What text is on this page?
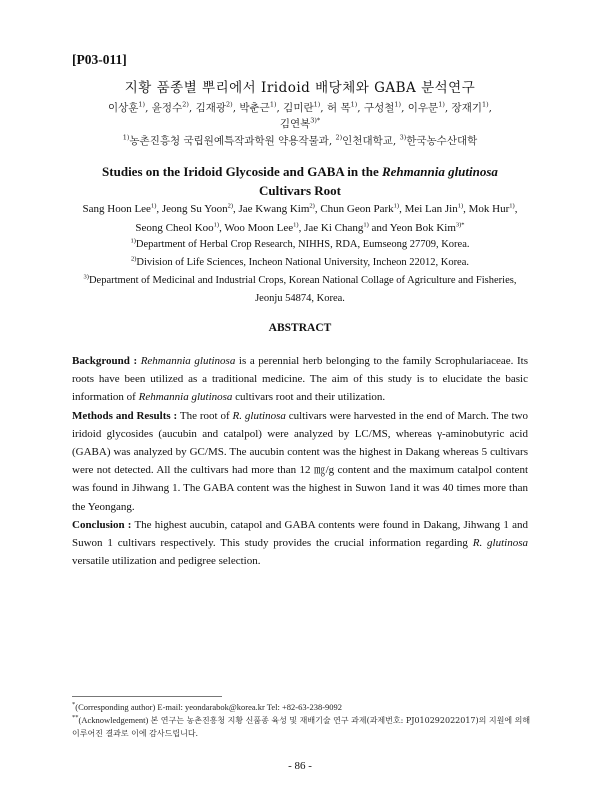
[P03-011]
지황 품종별 뿌리에서 Iridoid 배당체와 GABA 분석연구
이상훈$^{1)}$, 윤정수$^{2)}$, 김재광$^{2)}$, 박춘근$^{1)}$, 김미란$^{1)}$, 허 목$^{1)}$, 구성철$^{1)}$, 이우문$^{1)}$, 장재기$^{1)}$,
김연복$^{3)*}$
$^{1)}$농촌진흥청 국립원예특작과학원 약용작물과, $^{2)}$인천대학교, $^{3)}$한국농수산대학
Studies on the Iridoid Glycoside and GABA in the Rehmannia glutinosa
Cultivars Root
Sang Hoon Lee$^{1)}$, Jeong Su Yoon$^{2)}$, Jae Kwang Kim$^{2)}$, Chun Geon Park$^{1)}$, Mei Lan Jin$^{1)}$, Mok Hur$^{1)}$, Seong Cheol Koo$^{1)}$, Woo Moon Lee$^{1)}$, Jae Ki Chang$^{1)}$ and Yeon Bok Kim$^{3)*}$
$^{1)}$Department of Herbal Crop Research, NIHHS, RDA, Eumseong 27709, Korea.
$^{2)}$Division of Life Sciences, Incheon National University, Incheon 22012, Korea.
$^{3)}$Department of Medicinal and Industrial Crops, Korean National Collage of Agriculture and Fisheries, Jeonju 54874, Korea.
ABSTRACT

Background : Rehmannia glutinosa is a perennial herb belonging to the family Scrophulariaceae. Its roots have been utilized as a traditional medicine. The aim of this study is to elucidate the basic information of Rehmannia glutinosa cultivars root and their utilization.

Methods and Results : The root of R. glutinosa cultivars were harvested in the end of March. The two iridoid glycosides (aucubin and catalpol) were analyzed by LC/MS, whereas γ-aminobutyric acid (GABA) was analyzed by GC/MS. The aucubin content was the highest in Dakang whereas 5 cultivars were not detected. All the cultivars had more than 12 ㎎/g content and the maximum catalpol content was found in Jihwang 1. The GABA content was the highest in Suwon 1and it was 40 times more than the Yeongang.

Conclusion : The highest aucubin, catapol and GABA contents were found in Dakang, Jihwang 1 and Suwon 1 cultivars respectively. This study provides the crucial information regarding R. glutinosa versatile utilization and pedigree selection.

*(Corresponding author) E-mail: yeondarabok@korea.kr Tel: +82-63-238-9092
**(Acknowledgement) 본 연구는 농촌진흥청 지황 신품종 육성 및 재배기술 연구 과제(과제번호: PJ010292022017)의 지원에 의해 이루어진 결과로 이에 감사드립니다.
- 86 -
